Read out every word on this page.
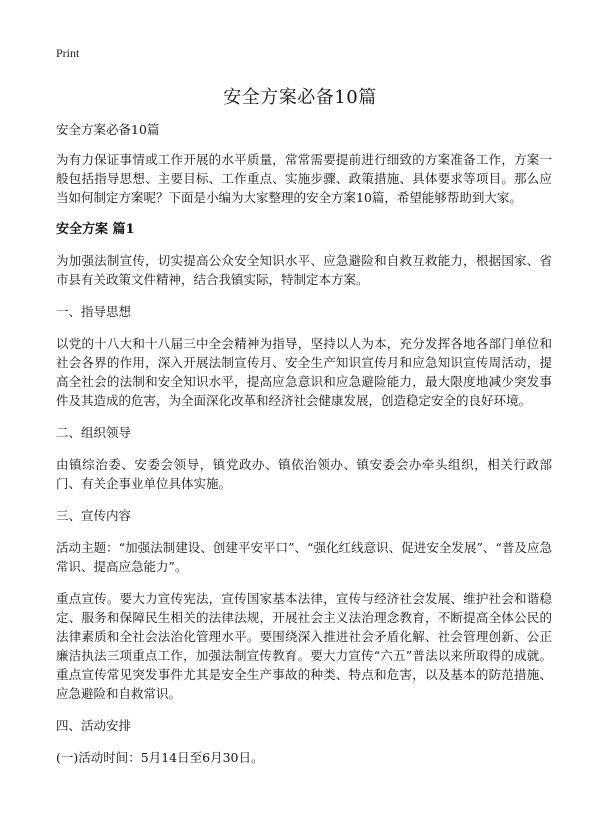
Print
安全方案必备10篇

安全方案必备10篇

为有力保证事情或工作开展的水平质量，常常需要提前进行细致的方案准备工作，方案一般包括指导思想、主要目标、工作重点、实施步骤、政策措施、具体要求等项目。那么应当如何制定方案呢？下面是小编为大家整理的安全方案10篇，希望能够帮助到大家。

安全方案 篇1

为加强法制宣传，切实提高公众安全知识水平、应急避险和自救互救能力，根据国家、省市县有关政策文件精神，结合我镇实际，特制定本方案。

一、指导思想

以党的十八大和十八届三中全会精神为指导，坚持以人为本，充分发挥各地各部门单位和社会各界的作用，深入开展法制宣传月、安全生产知识宣传月和应急知识宣传周活动，提高全社会的法制和安全知识水平，提高应急意识和应急避险能力，最大限度地减少突发事件及其造成的危害，为全面深化改革和经济社会健康发展，创造稳定安全的良好环境。

二、组织领导

由镇综治委、安委会领导，镇党政办、镇依治领办、镇安委会办牵头组织，相关行政部门、有关企事业单位具体实施。

三、宣传内容

活动主题：“加强法制建设、创建平安平口”、“强化红线意识、促进安全发展”、“普及应急常识、提高应急能力”。

重点宣传。要大力宣传宪法，宣传国家基本法律，宣传与经济社会发展、维护社会和谐稳定、服务和保障民生相关的法律法规，开展社会主义法治理念教育，不断提高全体公民的法律素质和全社会法治化管理水平。要围绕深入推进社会矛盾化解、社会管理创新、公正廉洁执法三项重点工作，加强法制宣传教育。要大力宣传“六五”普法以来所取得的成就。重点宣传常见突发事件尤其是安全生产事故的种类、特点和危害，以及基本的防范措施、应急避险和自救常识。

四、活动安排

(一)活动时间：5月14日至6月30日。
